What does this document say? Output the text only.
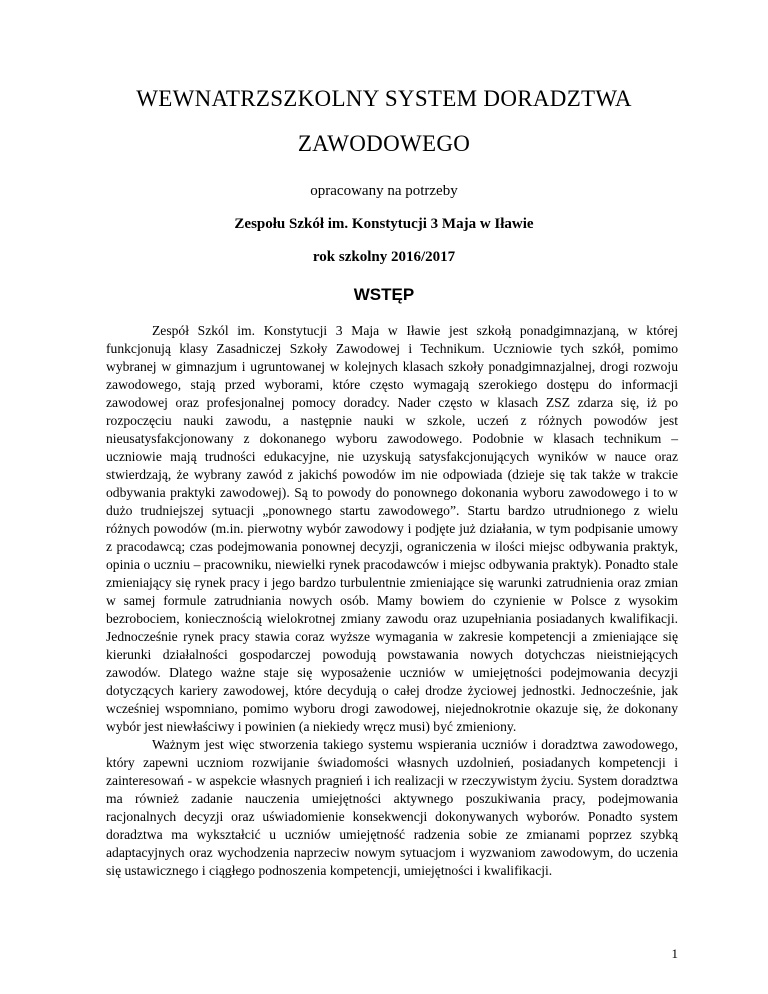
WEWNATRZSZKOLNY SYSTEM DORADZTWA
ZAWODOWEGO

opracowany na potrzeby

Zespołu Szkół im. Konstytucji 3 Maja w Iławie

rok szkolny 2016/2017

WSTĘP

Zespół Szkól im. Konstytucji 3 Maja w Iławie jest szkołą ponadgimnazjaną, w której funkcjonują klasy Zasadniczej Szkoły Zawodowej i Technikum. Uczniowie tych szkół, pomimo wybranej w gimnazjum i ugruntowanej w kolejnych klasach szkoły ponadgimnazjalnej, drogi rozwoju zawodowego, stają przed wyborami, które często wymagają szerokiego dostępu do informacji zawodowej oraz profesjonalnej pomocy doradcy. Nader często w klasach ZSZ zdarza się, iż po rozpoczęciu nauki zawodu, a następnie nauki w szkole, uczeń z różnych powodów jest nieusatysfakcjonowany z dokonanego wyboru zawodowego. Podobnie w klasach technikum – uczniowie mają trudności edukacyjne, nie uzyskują satysfakcjonujących wyników w nauce oraz stwierdzają, że wybrany zawód z jakichś powodów im nie odpowiada (dzieje się tak także w trakcie odbywania praktyki zawodowej). Są to powody do ponownego dokonania wyboru zawodowego i to w dużo trudniejszej sytuacji „ponownego startu zawodowego”. Startu bardzo utrudnionego z wielu różnych powodów (m.in. pierwotny wybór zawodowy i podjęte już działania, w tym podpisanie umowy z pracodawcą; czas podejmowania ponownej decyzji, ograniczenia w ilości miejsc odbywania praktyk, opinia o uczniu – pracowniku, niewielki rynek pracodawców i miejsc odbywania praktyk). Ponadto stale zmieniający się rynek pracy i jego bardzo turbulentnie zmieniające się warunki zatrudnienia oraz zmian w samej formule zatrudniania nowych osób. Mamy bowiem do czynienie w Polsce z wysokim bezrobociem, koniecznością wielokrotnej zmiany zawodu oraz uzupełniania posiadanych kwalifikacji. Jednocześnie rynek pracy stawia coraz wyższe wymagania w zakresie kompetencji a zmieniające się kierunki działalności gospodarczej powodują powstawania nowych dotychczas nieistniejących zawodów. Dlatego ważne staje się wyposażenie uczniów w umiejętności podejmowania decyzji dotyczących kariery zawodowej, które decydują o całej drodze życiowej jednostki. Jednocześnie, jak wcześniej wspomniano, pomimo wyboru drogi zawodowej, niejednokrotnie okazuje się, że dokonany wybór jest niewłaściwy i powinien (a niekiedy wręcz musi) być zmieniony.

Ważnym jest więc stworzenia takiego systemu wspierania uczniów i doradztwa zawodowego, który zapewni uczniom rozwijanie świadomości własnych uzdolnień, posiadanych kompetencji i zainteresowań - w aspekcie własnych pragnień i ich realizacji w rzeczywistym życiu. System doradztwa ma również zadanie nauczenia umiejętności aktywnego poszukiwania pracy, podejmowania racjonalnych decyzji oraz uświadomienie konsekwencji dokonywanych wyborów. Ponadto system doradztwa ma wykształcić u uczniów umiejętność radzenia sobie ze zmianami poprzez szybką adaptacyjnych oraz wychodzenia naprzeciw nowym sytuacjom i wyzwaniom zawodowym, do uczenia się ustawicznego i ciągłego podnoszenia kompetencji, umiejętności i kwalifikacji.

1
